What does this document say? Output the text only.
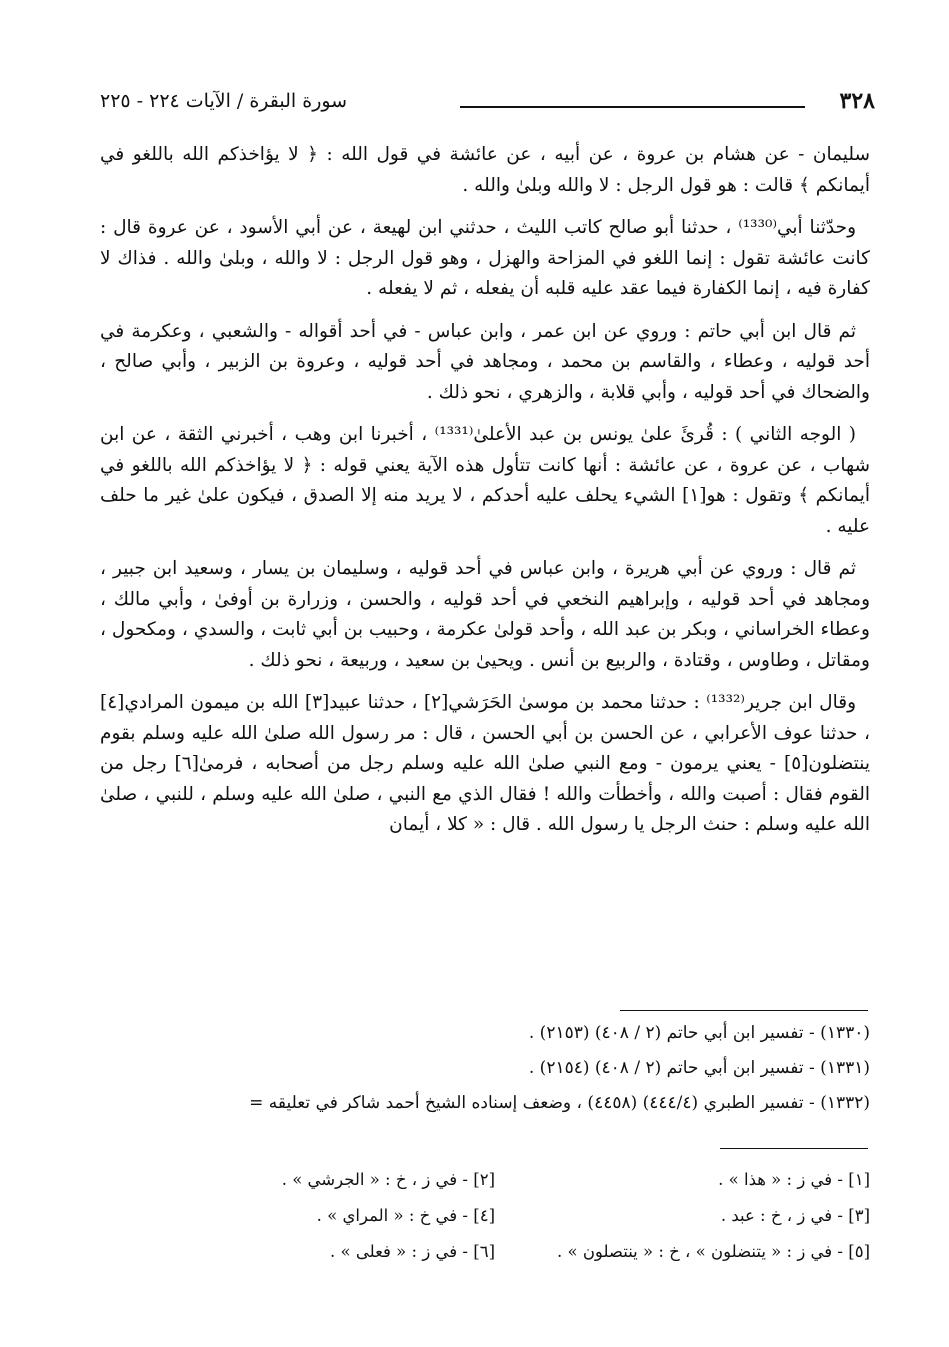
٣٢٨
سورة البقرة / الآيات ٢٢٤ - ٢٢٥

سليمان - عن هشام بن عروة ، عن أبيه ، عن عائشة في قول الله : ﴿ لا يؤاخذكم الله باللغو في أيمانكم ﴾ قالت : هو قول الرجل : لا والله وبلىٰ والله .

وحدّثنا أبي⁽¹³³⁰⁾ ، حدثنا أبو صالح كاتب الليث ، حدثني ابن لهيعة ، عن أبي الأسود ، عن عروة قال : كانت عائشة تقول : إنما اللغو في المزاحة والهزل ، وهو قول الرجل : لا والله ، وبلىٰ والله . فذاك لا كفارة فيه ، إنما الكفارة فيما عقد عليه قلبه أن يفعله ، ثم لا يفعله .

ثم قال ابن أبي حاتم : وروي عن ابن عمر ، وابن عباس - في أحد أقواله - والشعبي ، وعكرمة في أحد قوليه ، وعطاء ، والقاسم بن محمد ، ومجاهد في أحد قوليه ، وعروة بن الزبير ، وأبي صالح ، والضحاك في أحد قوليه ، وأبي قلابة ، والزهري ، نحو ذلك .

( الوجه الثاني ) : قُرئَ علىٰ يونس بن عبد الأعلىٰ⁽¹³³¹⁾ ، أخبرنا ابن وهب ، أخبرني الثقة ، عن ابن شهاب ، عن عروة ، عن عائشة : أنها كانت تتأول هذه الآية يعني قوله : ﴿ لا يؤاخذكم الله باللغو في أيمانكم ﴾ وتقول : هو[١] الشيء يحلف عليه أحدكم ، لا يريد منه إلا الصدق ، فيكون علىٰ غير ما حلف عليه .

ثم قال : وروي عن أبي هريرة ، وابن عباس في أحد قوليه ، وسليمان بن يسار ، وسعيد ابن جبير ، ومجاهد في أحد قوليه ، وإبراهيم النخعي في أحد قوليه ، والحسن ، وزرارة بن أوفىٰ ، وأبي مالك ، وعطاء الخراساني ، وبكر بن عبد الله ، وأحد قولىٰ عكرمة ، وحبيب بن أبي ثابت ، والسدي ، ومكحول ، ومقاتل ، وطاوس ، وقتادة ، والربيع بن أنس . ويحيىٰ بن سعيد ، وربيعة ، نحو ذلك .

وقال ابن جرير⁽¹³³²⁾ : حدثنا محمد بن موسىٰ الحَرَشي[٢] ، حدثنا عبيد[٣] الله بن ميمون المرادي[٤] ، حدثنا عوف الأعرابي ، عن الحسن بن أبي الحسن ، قال : مر رسول الله صلىٰ الله عليه وسلم بقوم ينتضلون[٥] - يعني يرمون - ومع النبي صلىٰ الله عليه وسلم رجل من أصحابه ، فرمىٰ[٦] رجل من القوم فقال : أصبت والله ، وأخطأت والله ! فقال الذي مع النبي ، صلىٰ الله عليه وسلم ، للنبي ، صلىٰ الله عليه وسلم : حنث الرجل يا رسول الله . قال : « كلا ، أيمان

(١٣٣٠) - تفسير ابن أبي حاتم (٢ / ٤٠٨) (٢١٥٣) .
(١٣٣١) - تفسير ابن أبي حاتم (٢ / ٤٠٨) (٢١٥٤) .
(١٣٣٢) - تفسير الطبري (٤٤٤/٤) (٤٤٥٨) ، وضعف إسناده الشيخ أحمد شاكر في تعليقه =
[١] - في ز : « هذا » .
[٢] - في ز ، خ : « الجرشي » .
[٣] - في ز ، خ : عبد .
[٤] - في خ : « المراي » .
[٥] - في ز : « يتنضلون » ، خ : « ينتصلون » .
[٦] - في ز : « فعلى » .
